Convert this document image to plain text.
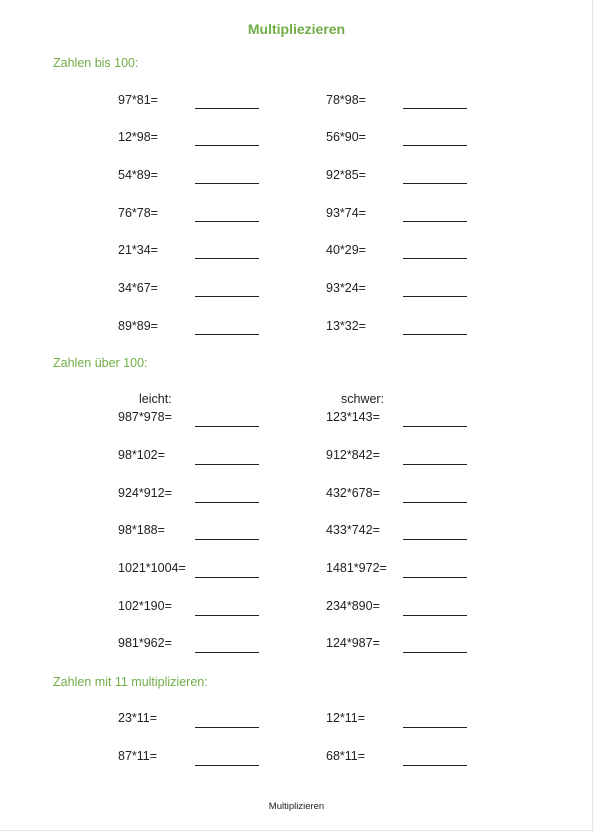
Multipliezieren
Zahlen bis 100:
97*81=
12*98=
54*89=
76*78=
21*34=
34*67=
89*89=
78*98=
56*90=
92*85=
93*74=
40*29=
93*24=
13*32=
Zahlen über 100:
leicht:	schwer:
987*978=
98*102=
924*912=
98*188=
1021*1004=
102*190=
981*962=
123*143=
912*842=
432*678=
433*742=
1481*972=
234*890=
124*987=
Zahlen mit 11 multiplizieren:
23*11=
87*11=
12*11=
68*11=
Multiplizieren
